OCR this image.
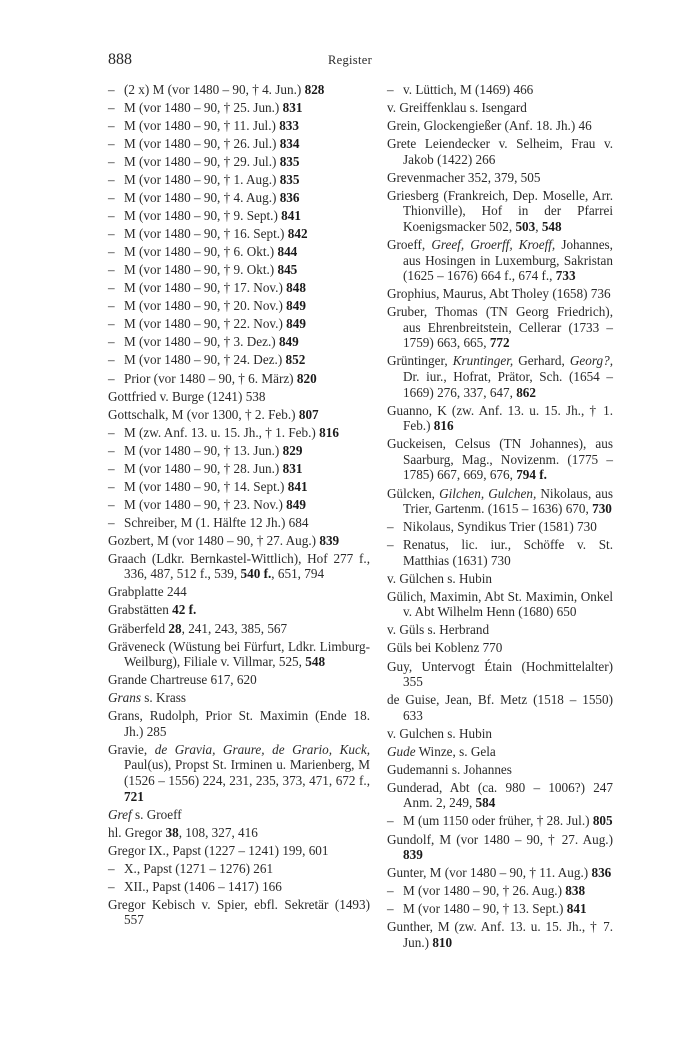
888	Register
– (2 x) M (vor 1480 – 90, † 4. Jun.) 828
– M (vor 1480 – 90, † 25. Jun.) 831
– M (vor 1480 – 90, † 11. Jul.) 833
– M (vor 1480 – 90, † 26. Jul.) 834
– M (vor 1480 – 90, † 29. Jul.) 835
– M (vor 1480 – 90, † 1. Aug.) 835
– M (vor 1480 – 90, † 4. Aug.) 836
– M (vor 1480 – 90, † 9. Sept.) 841
– M (vor 1480 – 90, † 16. Sept.) 842
– M (vor 1480 – 90, † 6. Okt.) 844
– M (vor 1480 – 90, † 9. Okt.) 845
– M (vor 1480 – 90, † 17. Nov.) 848
– M (vor 1480 – 90, † 20. Nov.) 849
– M (vor 1480 – 90, † 22. Nov.) 849
– M (vor 1480 – 90, † 3. Dez.) 849
– M (vor 1480 – 90, † 24. Dez.) 852
– Prior (vor 1480 – 90, † 6. März) 820
Gottfried v. Burge (1241) 538
Gottschalk, M (vor 1300, † 2. Feb.) 807
– M (zw. Anf. 13. u. 15. Jh., † 1. Feb.) 816
– M (vor 1480 – 90, † 13. Jun.) 829
– M (vor 1480 – 90, † 28. Jun.) 831
– M (vor 1480 – 90, † 14. Sept.) 841
– M (vor 1480 – 90, † 23. Nov.) 849
– Schreiber, M (1. Hälfte 12 Jh.) 684
Gozbert, M (vor 1480 – 90, † 27. Aug.) 839
Graach (Ldkr. Bernkastel-Wittlich), Hof 277 f., 336, 487, 512 f., 539, 540 f., 651, 794
Grabplatte 244
Grabstätten 42 f.
Gräberfeld 28, 241, 243, 385, 567
Gräveneck (Wüstung bei Fürfurt, Ldkr. Limburg-Weilburg), Filiale v. Villmar, 525, 548
Grande Chartreuse 617, 620
Grans s. Krass
Grans, Rudolph, Prior St. Maximin (Ende 18. Jh.) 285
Gravie, de Gravia, Graure, de Grario, Kuck, Paul(us), Propst St. Irminen u. Marienberg, M (1526 – 1556) 224, 231, 235, 373, 471, 672 f., 721
Gref s. Groeff
hl. Gregor 38, 108, 327, 416
Gregor IX., Papst (1227 – 1241) 199, 601
– X., Papst (1271 – 1276) 261
– XII., Papst (1406 – 1417) 166
Gregor Kebisch v. Spier, ebfl. Sekretär (1493) 557
– v. Lüttich, M (1469) 466
v. Greiffenklau s. Isengard
Grein, Glockengießer (Anf. 18. Jh.) 46
Grete Leiendecker v. Selheim, Frau v. Jakob (1422) 266
Grevenmacher 352, 379, 505
Griesberg (Frankreich, Dep. Moselle, Arr. Thionville), Hof in der Pfarrei Koenigsmacker 502, 503, 548
Groeff, Greef, Groerff, Kroeff, Johannes, aus Hosingen in Luxemburg, Sakristan (1625 – 1676) 664 f., 674 f., 733
Grophius, Maurus, Abt Tholey (1658) 736
Gruber, Thomas (TN Georg Friedrich), aus Ehrenbreitstein, Cellerar (1733 – 1759) 663, 665, 772
Grüntinger, Kruntinger, Gerhard, Georg?, Dr. iur., Hofrat, Prätor, Sch. (1654 – 1669) 276, 337, 647, 862
Guanno, K (zw. Anf. 13. u. 15. Jh., † 1. Feb.) 816
Guckeisen, Celsus (TN Johannes), aus Saarburg, Mag., Novizenm. (1775 – 1785) 667, 669, 676, 794 f.
Gülcken, Gilchen, Gulchen, Nikolaus, aus Trier, Gartenm. (1615 – 1636) 670, 730
– Nikolaus, Syndikus Trier (1581) 730
– Renatus, lic. iur., Schöffe v. St. Matthias (1631) 730
v. Gülchen s. Hubin
Gülich, Maximin, Abt St. Maximin, Onkel v. Abt Wilhelm Henn (1680) 650
v. Güls s. Herbrand
Güls bei Koblenz 770
Guy, Untervogt Étain (Hochmittelalter) 355
de Guise, Jean, Bf. Metz (1518 – 1550) 633
v. Gulchen s. Hubin
Gude Winze, s. Gela
Gudemanni s. Johannes
Gunderad, Abt (ca. 980 – 1006?) 247 Anm. 2, 249, 584
– M (um 1150 oder früher, † 28. Jul.) 805
Gundolf, M (vor 1480 – 90, † 27. Aug.) 839
Gunter, M (vor 1480 – 90, † 11. Aug.) 836
– M (vor 1480 – 90, † 26. Aug.) 838
– M (vor 1480 – 90, † 13. Sept.) 841
Gunther, M (zw. Anf. 13. u. 15. Jh., † 7. Jun.) 810
